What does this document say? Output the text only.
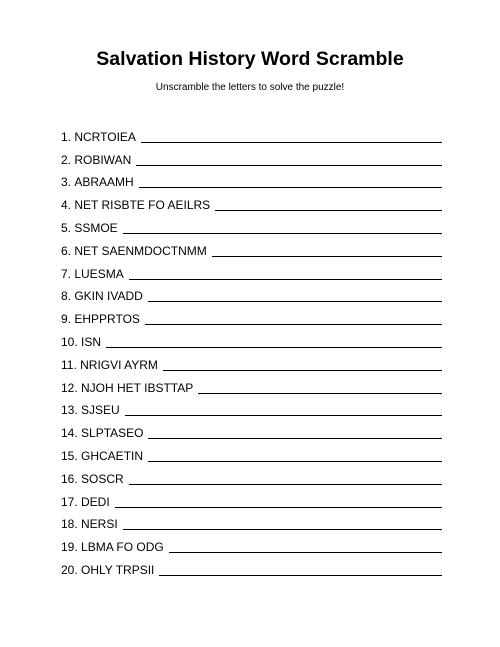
Salvation History Word Scramble

Unscramble the letters to solve the puzzle!

1. NCRTOIEA
2. ROBIWAN
3. ABRAAMH
4. NET RISBTE FO AEILRS
5. SSMOE
6. NET SAENMDOCTNMM
7. LUESMA
8. GKIN IVADD
9. EHPPRTOS
10. ISN
11. NRIGVI AYRM
12. NJOH HET IBSTTAP
13. SJSEU
14. SLPTASEO
15. GHCAETIN
16. SOSCR
17. DEDI
18. NERSI
19. LBMA FO ODG
20. OHLY TRPSII
